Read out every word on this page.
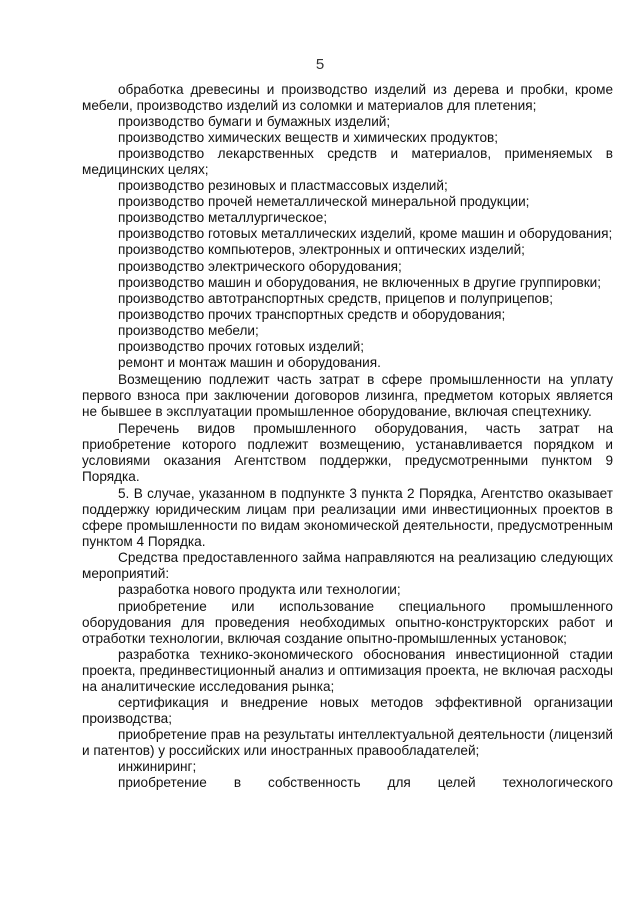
5

обработка древесины и производство изделий из дерева и пробки, кроме мебели, производство изделий из соломки и материалов для плетения;

производство бумаги и бумажных изделий;

производство химических веществ и химических продуктов;

производство лекарственных средств и материалов, применяемых в медицинских целях;

производство резиновых и пластмассовых изделий;

производство прочей неметаллической минеральной продукции;

производство металлургическое;

производство готовых металлических изделий, кроме машин и оборудования;

производство компьютеров, электронных и оптических изделий;

производство электрического оборудования;

производство машин и оборудования, не включенных в другие группировки;

производство автотранспортных средств, прицепов и полуприцепов;

производство прочих транспортных средств и оборудования;

производство мебели;

производство прочих готовых изделий;

ремонт и монтаж машин и оборудования.

Возмещению подлежит часть затрат в сфере промышленности на уплату первого взноса при заключении договоров лизинга, предметом которых является не бывшее в эксплуатации промышленное оборудование, включая спецтехнику.

Перечень видов промышленного оборудования, часть затрат на приобретение которого подлежит возмещению, устанавливается порядком и условиями оказания Агентством поддержки, предусмотренными пунктом 9 Порядка.

5. В случае, указанном в подпункте 3 пункта 2 Порядка, Агентство оказывает поддержку юридическим лицам при реализации ими инвестиционных проектов в сфере промышленности по видам экономической деятельности, предусмотренным пунктом 4 Порядка.

Средства предоставленного займа направляются на реализацию следующих мероприятий:

разработка нового продукта или технологии;

приобретение или использование специального промышленного оборудования для проведения необходимых опытно-конструкторских работ и отработки технологии, включая создание опытно-промышленных установок;

разработка технико-экономического обоснования инвестиционной стадии проекта, прединвестиционный анализ и оптимизация проекта, не включая расходы на аналитические исследования рынка;

сертификация и внедрение новых методов эффективной организации производства;

приобретение прав на результаты интеллектуальной деятельности (лицензий и патентов) у российских или иностранных правообладателей;

инжиниринг;

приобретение в собственность для целей технологического
